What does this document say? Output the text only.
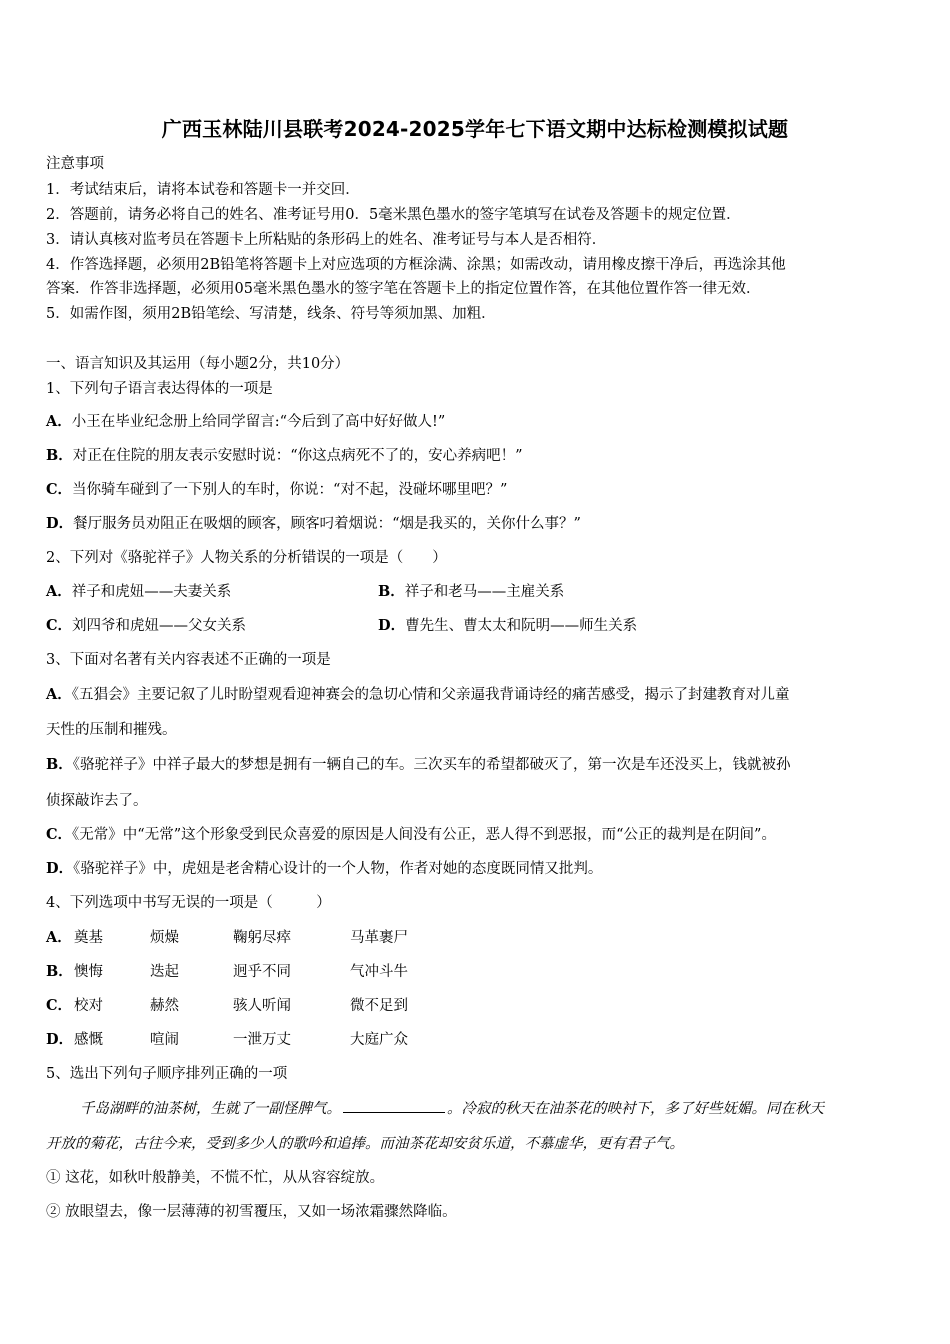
广西玉林陆川县联考2024-2025学年七下语文期中达标检测模拟试题
注意事项
1．考试结束后，请将本试卷和答题卡一并交回．
2．答题前，请务必将自己的姓名、准考证号用0．5毫米黑色墨水的签字笔填写在试卷及答题卡的规定位置．
3．请认真核对监考员在答题卡上所粘贴的条形码上的姓名、准考证号与本人是否相符．
4．作答选择题，必须用2B铅笔将答题卡上对应选项的方框涂满、涂黑；如需改动，请用橡皮擦干净后，再选涂其他
答案．作答非选择题，必须用05毫米黑色墨水的签字笔在答题卡上的指定位置作答，在其他位置作答一律无效．
5．如需作图，须用2B铅笔绘、写清楚，线条、符号等须加黑、加粗．
一、语言知识及其运用（每小题2分，共10分）
1、下列句子语言表达得体的一项是
A．小王在毕业纪念册上给同学留言:“今后到了高中好好做人!”
B．对正在住院的朋友表示安慰时说：“你这点病死不了的，安心养病吧！”
C．当你骑车碰到了一下别人的车时，你说：“对不起，没碰坏哪里吧？”
D．餐厅服务员劝阻正在吸烟的顾客，顾客叼着烟说：“烟是我买的，关你什么事？”
2、下列对《骆驼祥子》人物关系的分析错误的一项是（　　）
A．祥子和虎妞——夫妻关系	B．祥子和老马——主雇关系
C．刘四爷和虎妞——父女关系	D．曹先生、曹太太和阮明——师生关系
3、下面对名著有关内容表述不正确的一项是
A．《五猖会》主要记叙了儿时盼望观看迎神赛会的急切心情和父亲逼我背诵诗经的痛苦感受，揭示了封建教育对儿童
天性的压制和摧残。
B．《骆驼祥子》中祥子最大的梦想是拥有一辆自己的车。三次买车的希望都破灭了，第一次是车还没买上，钱就被孙
侦探敲诈去了。
C．《无常》中“无常”这个形象受到民众喜爱的原因是人间没有公正，恶人得不到恶报，而“公正的裁判是在阴间”。
D．《骆驼祥子》中，虎妞是老舍精心设计的一个人物，作者对她的态度既同情又批判。
4、下列选项中书写无误的一项是（　　　）
A． 奠基	烦燥	鞠躬尽瘁	马革裹尸
B． 懊悔	迭起	迥乎不同	气冲斗牛
C． 校对	赫然	骇人听闻	微不足到
D． 感慨	喧闹	一泄万丈	大庭广众
5、选出下列句子顺序排列正确的一项
千岛湖畔的油茶树，生就了一副怪脾气。	。冷寂的秋天在油茶花的映衬下，多了好些妩媚。同在秋天
开放的菊花，古往今来，受到多少人的歌吟和追捧。而油茶花却安贫乐道，不慕虚华，更有君子气。
① 这花，如秋叶般静美，不慌不忙，从从容容绽放。
② 放眼望去，像一层薄薄的初雪覆压，又如一场浓霜骤然降临。
